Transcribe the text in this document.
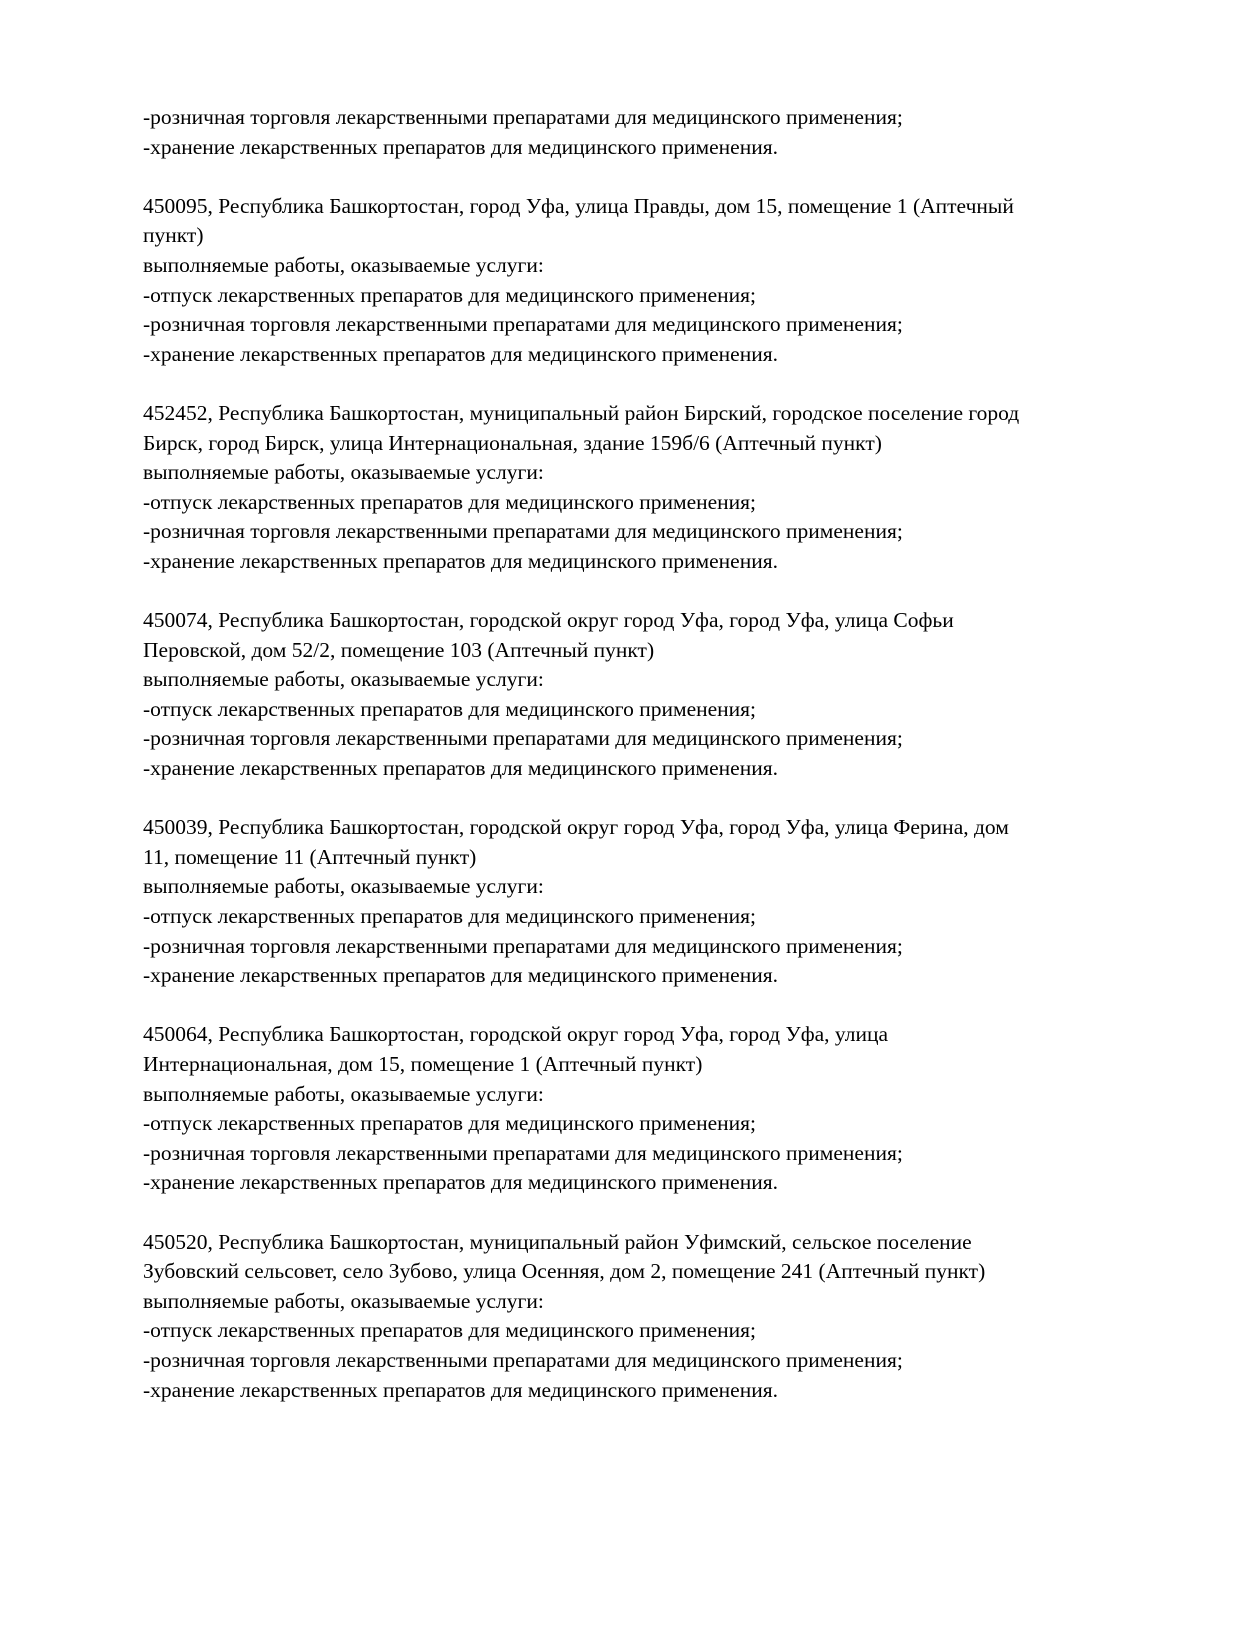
-розничная торговля лекарственными препаратами для медицинского применения;
-хранение лекарственных препаратов для медицинского применения.
450095, Республика Башкортостан, город Уфа, улица Правды, дом 15, помещение 1 (Аптечный
пункт)
выполняемые работы, оказываемые услуги:
-отпуск лекарственных препаратов для медицинского применения;
-розничная торговля лекарственными препаратами для медицинского применения;
-хранение лекарственных препаратов для медицинского применения.
452452, Республика Башкортостан, муниципальный район Бирский, городское поселение город
Бирск, город Бирск, улица Интернациональная, здание 159б/6 (Аптечный пункт)
выполняемые работы, оказываемые услуги:
-отпуск лекарственных препаратов для медицинского применения;
-розничная торговля лекарственными препаратами для медицинского применения;
-хранение лекарственных препаратов для медицинского применения.
450074, Республика Башкортостан, городской округ город Уфа, город Уфа, улица Софьи
Перовской, дом 52/2, помещение 103 (Аптечный пункт)
выполняемые работы, оказываемые услуги:
-отпуск лекарственных препаратов для медицинского применения;
-розничная торговля лекарственными препаратами для медицинского применения;
-хранение лекарственных препаратов для медицинского применения.
450039, Республика Башкортостан, городской округ город Уфа, город Уфа, улица Ферина, дом
11, помещение 11 (Аптечный пункт)
выполняемые работы, оказываемые услуги:
-отпуск лекарственных препаратов для медицинского применения;
-розничная торговля лекарственными препаратами для медицинского применения;
-хранение лекарственных препаратов для медицинского применения.
450064, Республика Башкортостан, городской округ город Уфа, город Уфа, улица
Интернациональная, дом 15, помещение 1 (Аптечный пункт)
выполняемые работы, оказываемые услуги:
-отпуск лекарственных препаратов для медицинского применения;
-розничная торговля лекарственными препаратами для медицинского применения;
-хранение лекарственных препаратов для медицинского применения.
450520, Республика Башкортостан, муниципальный район Уфимский, сельское поселение
Зубовский сельсовет, село Зубово, улица Осенняя, дом 2, помещение 241 (Аптечный пункт)
выполняемые работы, оказываемые услуги:
-отпуск лекарственных препаратов для медицинского применения;
-розничная торговля лекарственными препаратами для медицинского применения;
-хранение лекарственных препаратов для медицинского применения.
